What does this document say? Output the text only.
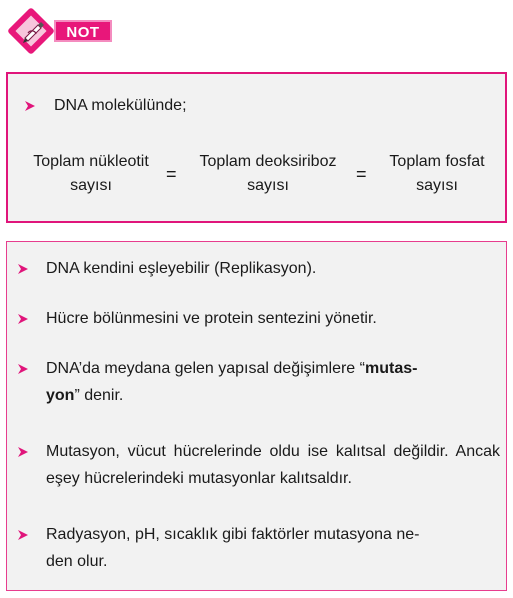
NOT
DNA molekülünde;
Toplam nükleotit
sayısı
=
Toplam deoksiriboz
sayısı
=
Toplam fosfat
sayısı
DNA kendini eşleyebilir (Replikasyon).
Hücre bölünmesini ve protein sentezini yönetir.
DNA’da meydana gelen yapısal değişimlere “mutas-
yon” denir.
Mutasyon, vücut hücrelerinde oldu ise kalıtsal değildir. Ancak eşey hücrelerindeki mutasyonlar kalıtsaldır.
Radyasyon, pH, sıcaklık gibi faktörler mutasyona ne-
den olur.
